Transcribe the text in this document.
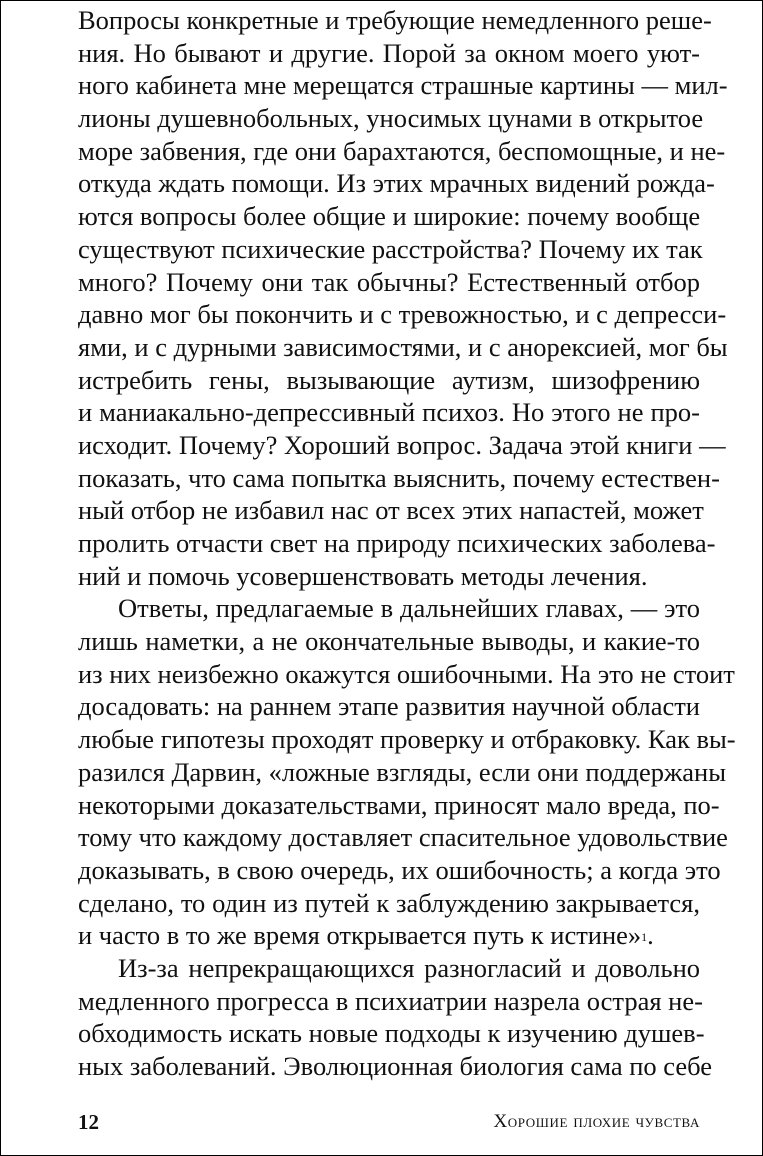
Вопросы конкретные и требующие немедленного реше-
ния. Но бывают и другие. Порой за окном моего уют-
ного кабинета мне мерещатся страшные картины — мил-
лионы душевнобольных, уносимых цунами в открытое
море забвения, где они барахтаются, беспомощные, и не-
откуда ждать помощи. Из этих мрачных видений рожда-
ются вопросы более общие и широкие: почему вообще
существуют психические расстройства? Почему их так
много? Почему они так обычны? Естественный отбор
давно мог бы покончить и с тревожностью, и с депресси-
ями, и с дурными зависимостями, и с анорексией, мог бы
истребить гены, вызывающие аутизм, шизофрению
и маниакально-депрессивный психоз. Но этого не про-
исходит. Почему? Хороший вопрос. Задача этой книги —
показать, что сама попытка выяснить, почему естествен-
ный отбор не избавил нас от всех этих напастей, может
пролить отчасти свет на природу психических заболева-
ний и помочь усовершенствовать методы лечения.
Ответы, предлагаемые в дальнейших главах, — это
лишь наметки, а не окончательные выводы, и какие-то
из них неизбежно окажутся ошибочными. На это не стоит
досадовать: на раннем этапе развития научной области
любые гипотезы проходят проверку и отбраковку. Как вы-
разился Дарвин, «ложные взгляды, если они поддержаны
некоторыми доказательствами, приносят мало вреда, по-
тому что каждому доставляет спасительное удовольствие
доказывать, в свою очередь, их ошибочность; а когда это
сделано, то один из путей к заблуждению закрывается,
и часто в то же время открывается путь к истине»$^1$.
Из-за непрекращающихся разногласий и довольно
медленного прогресса в психиатрии назрела острая не-
обходимость искать новые подходы к изучению душев-
ных заболеваний. Эволюционная биология сама по себе
12	Хорошие плохие чувства
